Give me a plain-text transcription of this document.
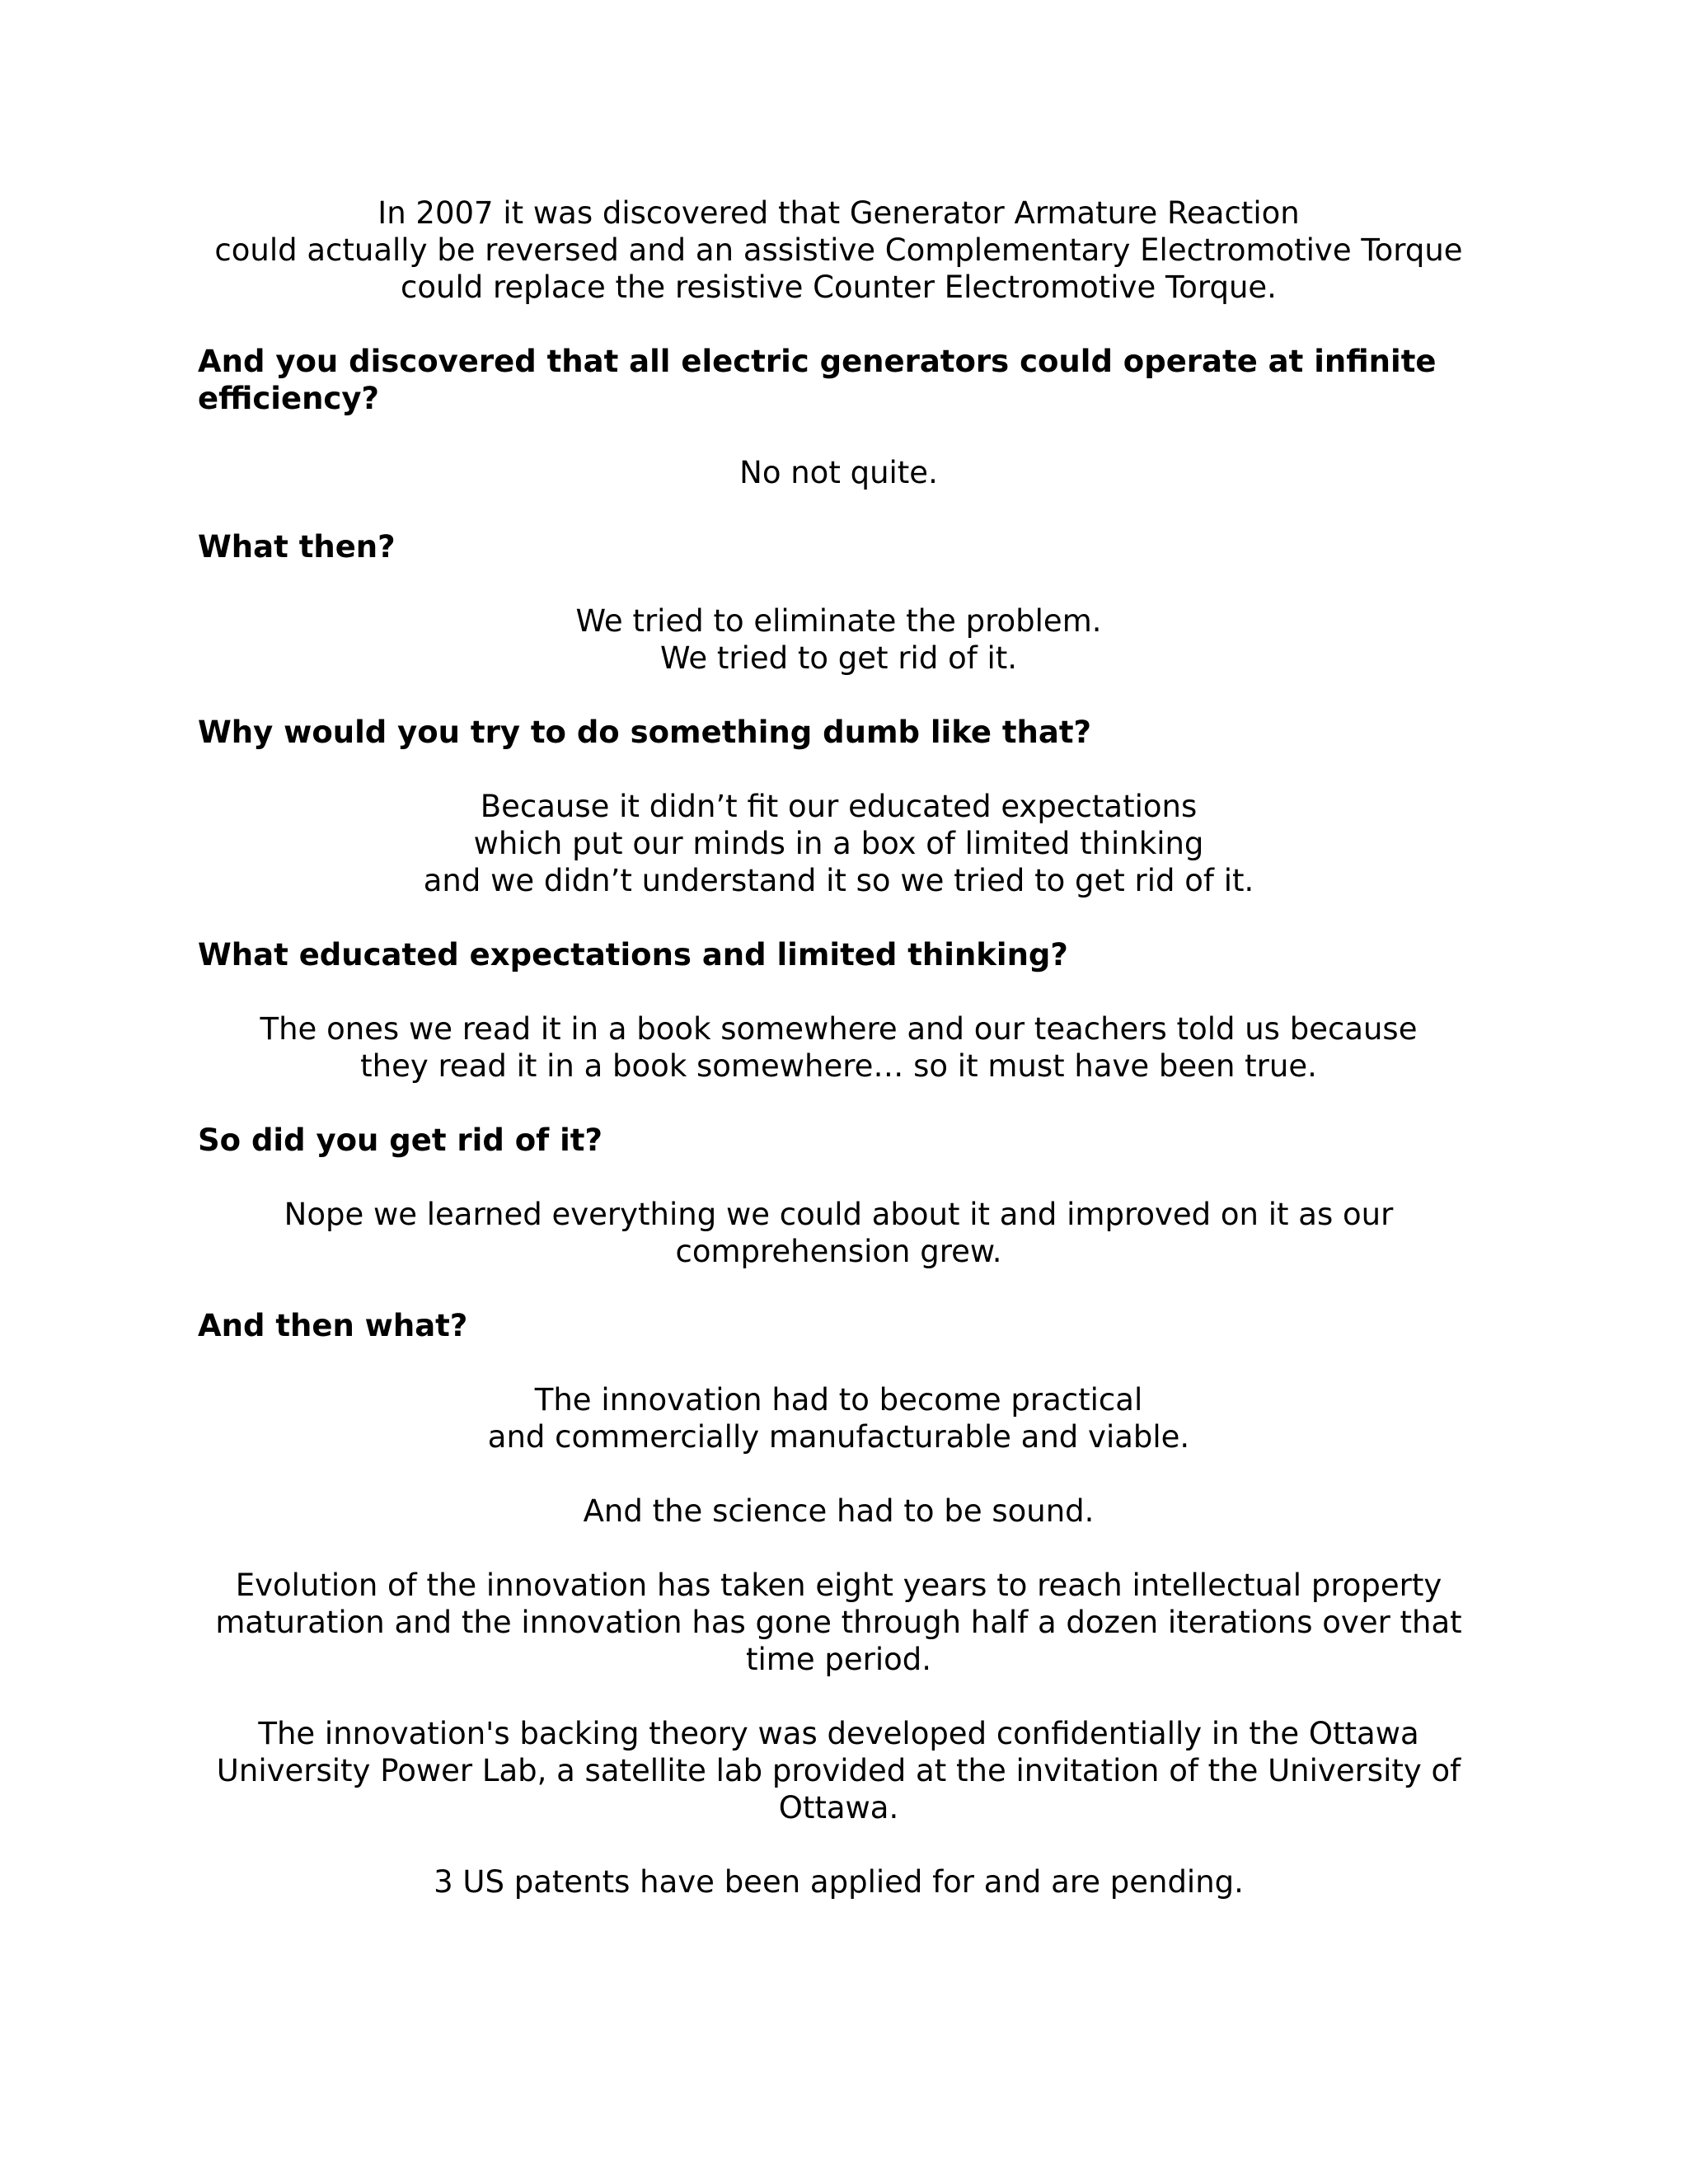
In 2007 it was discovered that Generator Armature Reaction
could actually be reversed and an assistive Complementary Electromotive Torque
could replace the resistive Counter Electromotive Torque.

And you discovered that all electric generators could operate at infinite efficiency?

No not quite.

What then?

We tried to eliminate the problem.
We tried to get rid of it.

Why would you try to do something dumb like that?

Because it didn’t fit our educated expectations
which put our minds in a box of limited thinking
and we didn’t understand it so we tried to get rid of it.

What educated expectations and limited thinking?

The ones we read it in a book somewhere and our teachers told us because
they read it in a book somewhere… so it must have been true.

So did you get rid of it?

Nope we learned everything we could about it and improved on it as our
comprehension grew.

And then what?

The innovation had to become practical
and commercially manufacturable and viable.

And the science had to be sound.

Evolution of the innovation has taken eight years to reach intellectual property
maturation and the innovation has gone through half a dozen iterations over that
time period.

The innovation's backing theory was developed confidentially in the Ottawa
University Power Lab, a satellite lab provided at the invitation of the University of
Ottawa.

3 US patents have been applied for and are pending.
